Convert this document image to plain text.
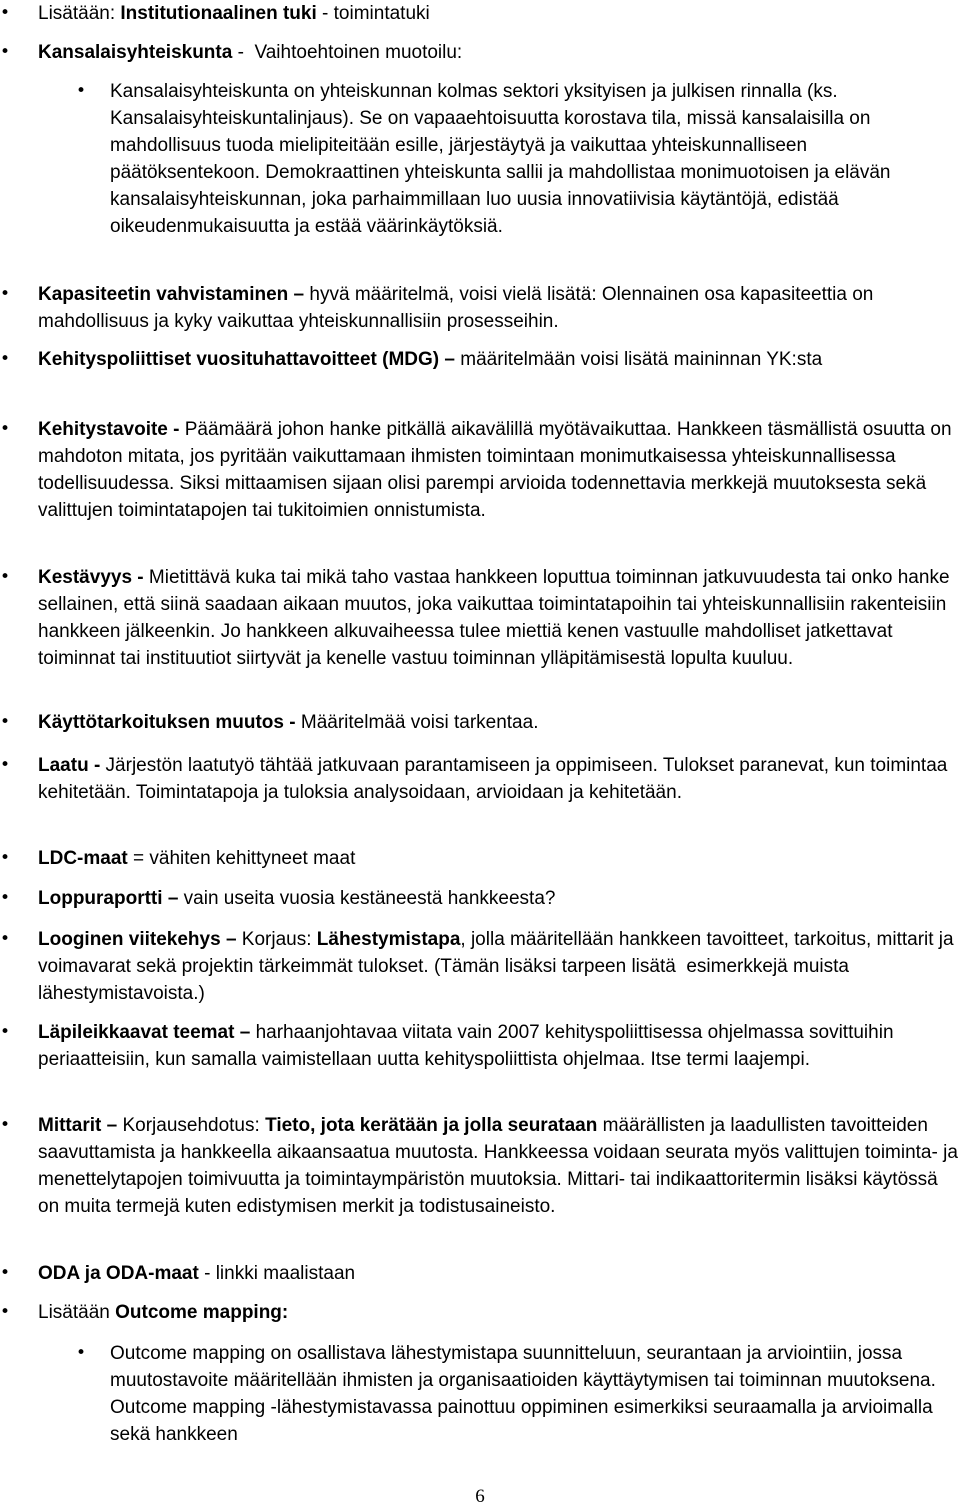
•	Lisätään: Institutionaalinen tuki - toimintatuki
•	Kansalaisyhteiskunta -  Vaihtoehtoinen muotoilu:
•	Kansalaisyhteiskunta on yhteiskunnan kolmas sektori yksityisen ja julkisen rinnalla (ks. Kansalaisyhteiskuntalinjaus). Se on vapaaehtoisuutta korostava tila, missä kansalaisilla on mahdollisuus tuoda mielipiteitään esille, järjestäytyä ja vaikuttaa yhteiskunnalliseen päätöksentekoon. Demokraattinen yhteiskunta sallii ja mahdollistaa monimuotoisen ja elävän kansalaisyhteiskunnan, joka parhaimmillaan luo uusia innovatiivisia käytäntöjä, edistää oikeudenmukaisuutta ja estää väärinkäytöksiä.
•	Kapasiteetin vahvistaminen – hyvä määritelmä, voisi vielä lisätä: Olennainen osa kapasiteettia on mahdollisuus ja kyky vaikuttaa yhteiskunnallisiin prosesseihin.
•	Kehityspoliittiset vuosituhattavoitteet (MDG) – määritelmään voisi lisätä maininnan YK:sta
•	Kehitystavoite - Päämäärä johon hanke pitkällä aikavälillä myötävaikuttaa. Hankkeen täsmällistä osuutta on mahdoton mitata, jos pyritään vaikuttamaan ihmisten toimintaan monimutkaisessa yhteiskunnallisessa todellisuudessa. Siksi mittaamisen sijaan olisi parempi arvioida todennettavia merkkejä muutoksesta sekä valittujen toimintatapojen tai tukitoimien onnistumista.
•	Kestävyys - Mietittävä kuka tai mikä taho vastaa hankkeen loputtua toiminnan jatkuvuudesta tai onko hanke sellainen, että siinä saadaan aikaan muutos, joka vaikuttaa toimintatapoihin tai yhteiskunnallisiin rakenteisiin hankkeen jälkeenkin. Jo hankkeen alkuvaiheessa tulee miettiä kenen vastuulle mahdolliset jatkettavat toiminnat tai instituutiot siirtyvät ja kenelle vastuu toiminnan ylläpitämisestä lopulta kuuluu.
•	Käyttötarkoituksen muutos - Määritelmää voisi tarkentaa.
•	Laatu - Järjestön laatutyö tähtää jatkuvaan parantamiseen ja oppimiseen. Tulokset paranevat, kun toimintaa kehitetään. Toimintatapoja ja tuloksia analysoidaan, arvioidaan ja kehitetään.
•	LDC-maat = vähiten kehittyneet maat
•	Loppuraportti – vain useita vuosia kestäneestä hankkeesta?
•	Looginen viitekehys – Korjaus: Lähestymistapa, jolla määritellään hankkeen tavoitteet, tarkoitus, mittarit ja voimavarat sekä projektin tärkeimmät tulokset. (Tämän lisäksi tarpeen lisätä  esimerkkejä muista lähestymistavoista.)
•	Läpileikkaavat teemat – harhaanjohtavaa viitata vain 2007 kehityspoliittisessa ohjelmassa sovittuihin periaatteisiin, kun samalla vaimistellaan uutta kehityspoliittista ohjelmaa. Itse termi laajempi.
•	Mittarit – Korjausehdotus: Tieto, jota kerätään ja jolla seurataan määrällisten ja laadullisten tavoitteiden saavuttamista ja hankkeella aikaansaatua muutosta. Hankkeessa voidaan seurata myös valittujen toiminta- ja menettelytapojen toimivuutta ja toimintaympäristön muutoksia. Mittari- tai indikaattoritermin lisäksi käytössä on muita termejä kuten edistymisen merkit ja todistusaineisto.
•	ODA ja ODA-maat - linkki maalistaan
•	Lisätään Outcome mapping:
•	Outcome mapping on osallistava lähestymistapa suunnitteluun, seurantaan ja arviointiin, jossa muutostavoite määritellään ihmisten ja organisaatioiden käyttäytymisen tai toiminnan muutoksena. Outcome mapping -lähestymistavassa painottuu oppiminen esimerkiksi seuraamalla ja arvioimalla sekä hankkeen
6
